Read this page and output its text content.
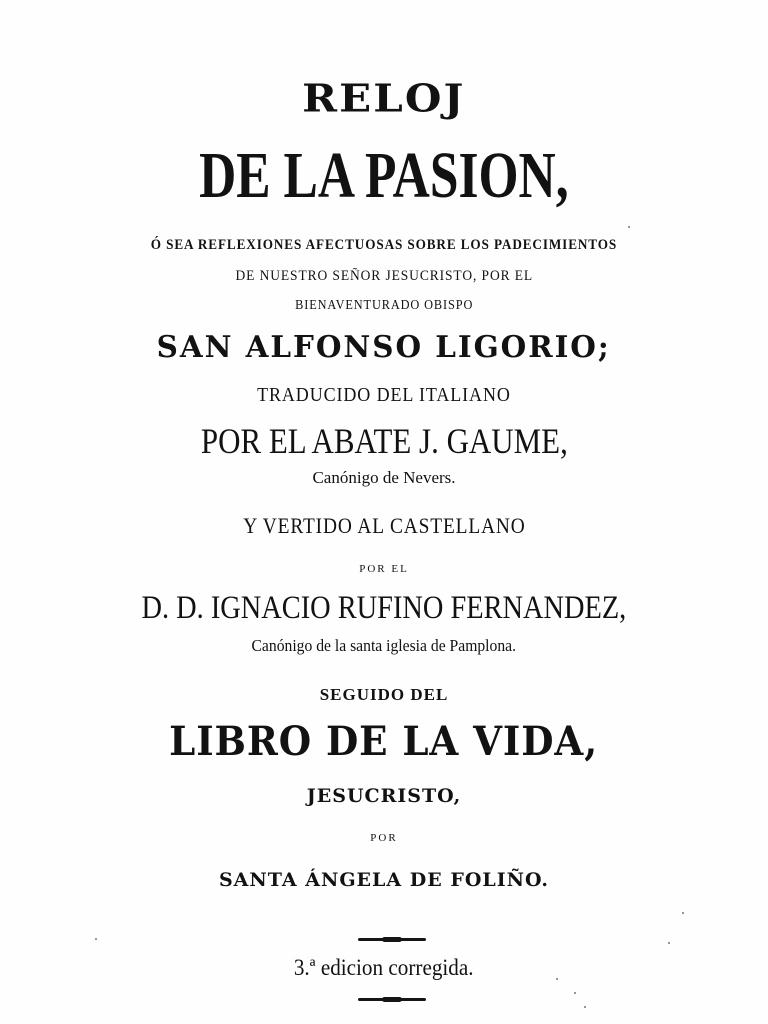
RELOJ
DE LA PASION,
Ó SEA REFLEXIONES AFECTUOSAS SOBRE LOS PADECIMIENTOS
DE NUESTRO SEÑOR JESUCRISTO, POR EL
BIENAVENTURADO OBISPO
SAN ALFONSO LIGORIO;
TRADUCIDO DEL ITALIANO
POR EL ABATE J. GAUME,
Canónigo de Nevers.
Y VERTIDO AL CASTELLANO
POR EL
D. D. IGNACIO RUFINO FERNANDEZ,
Canónigo de la santa iglesia de Pamplona.
SEGUIDO DEL
LIBRO DE LA VIDA,
JESUCRISTO,
POR
SANTA ÁNGELA DE FOLIÑO.
3.ª edicion corregida.
